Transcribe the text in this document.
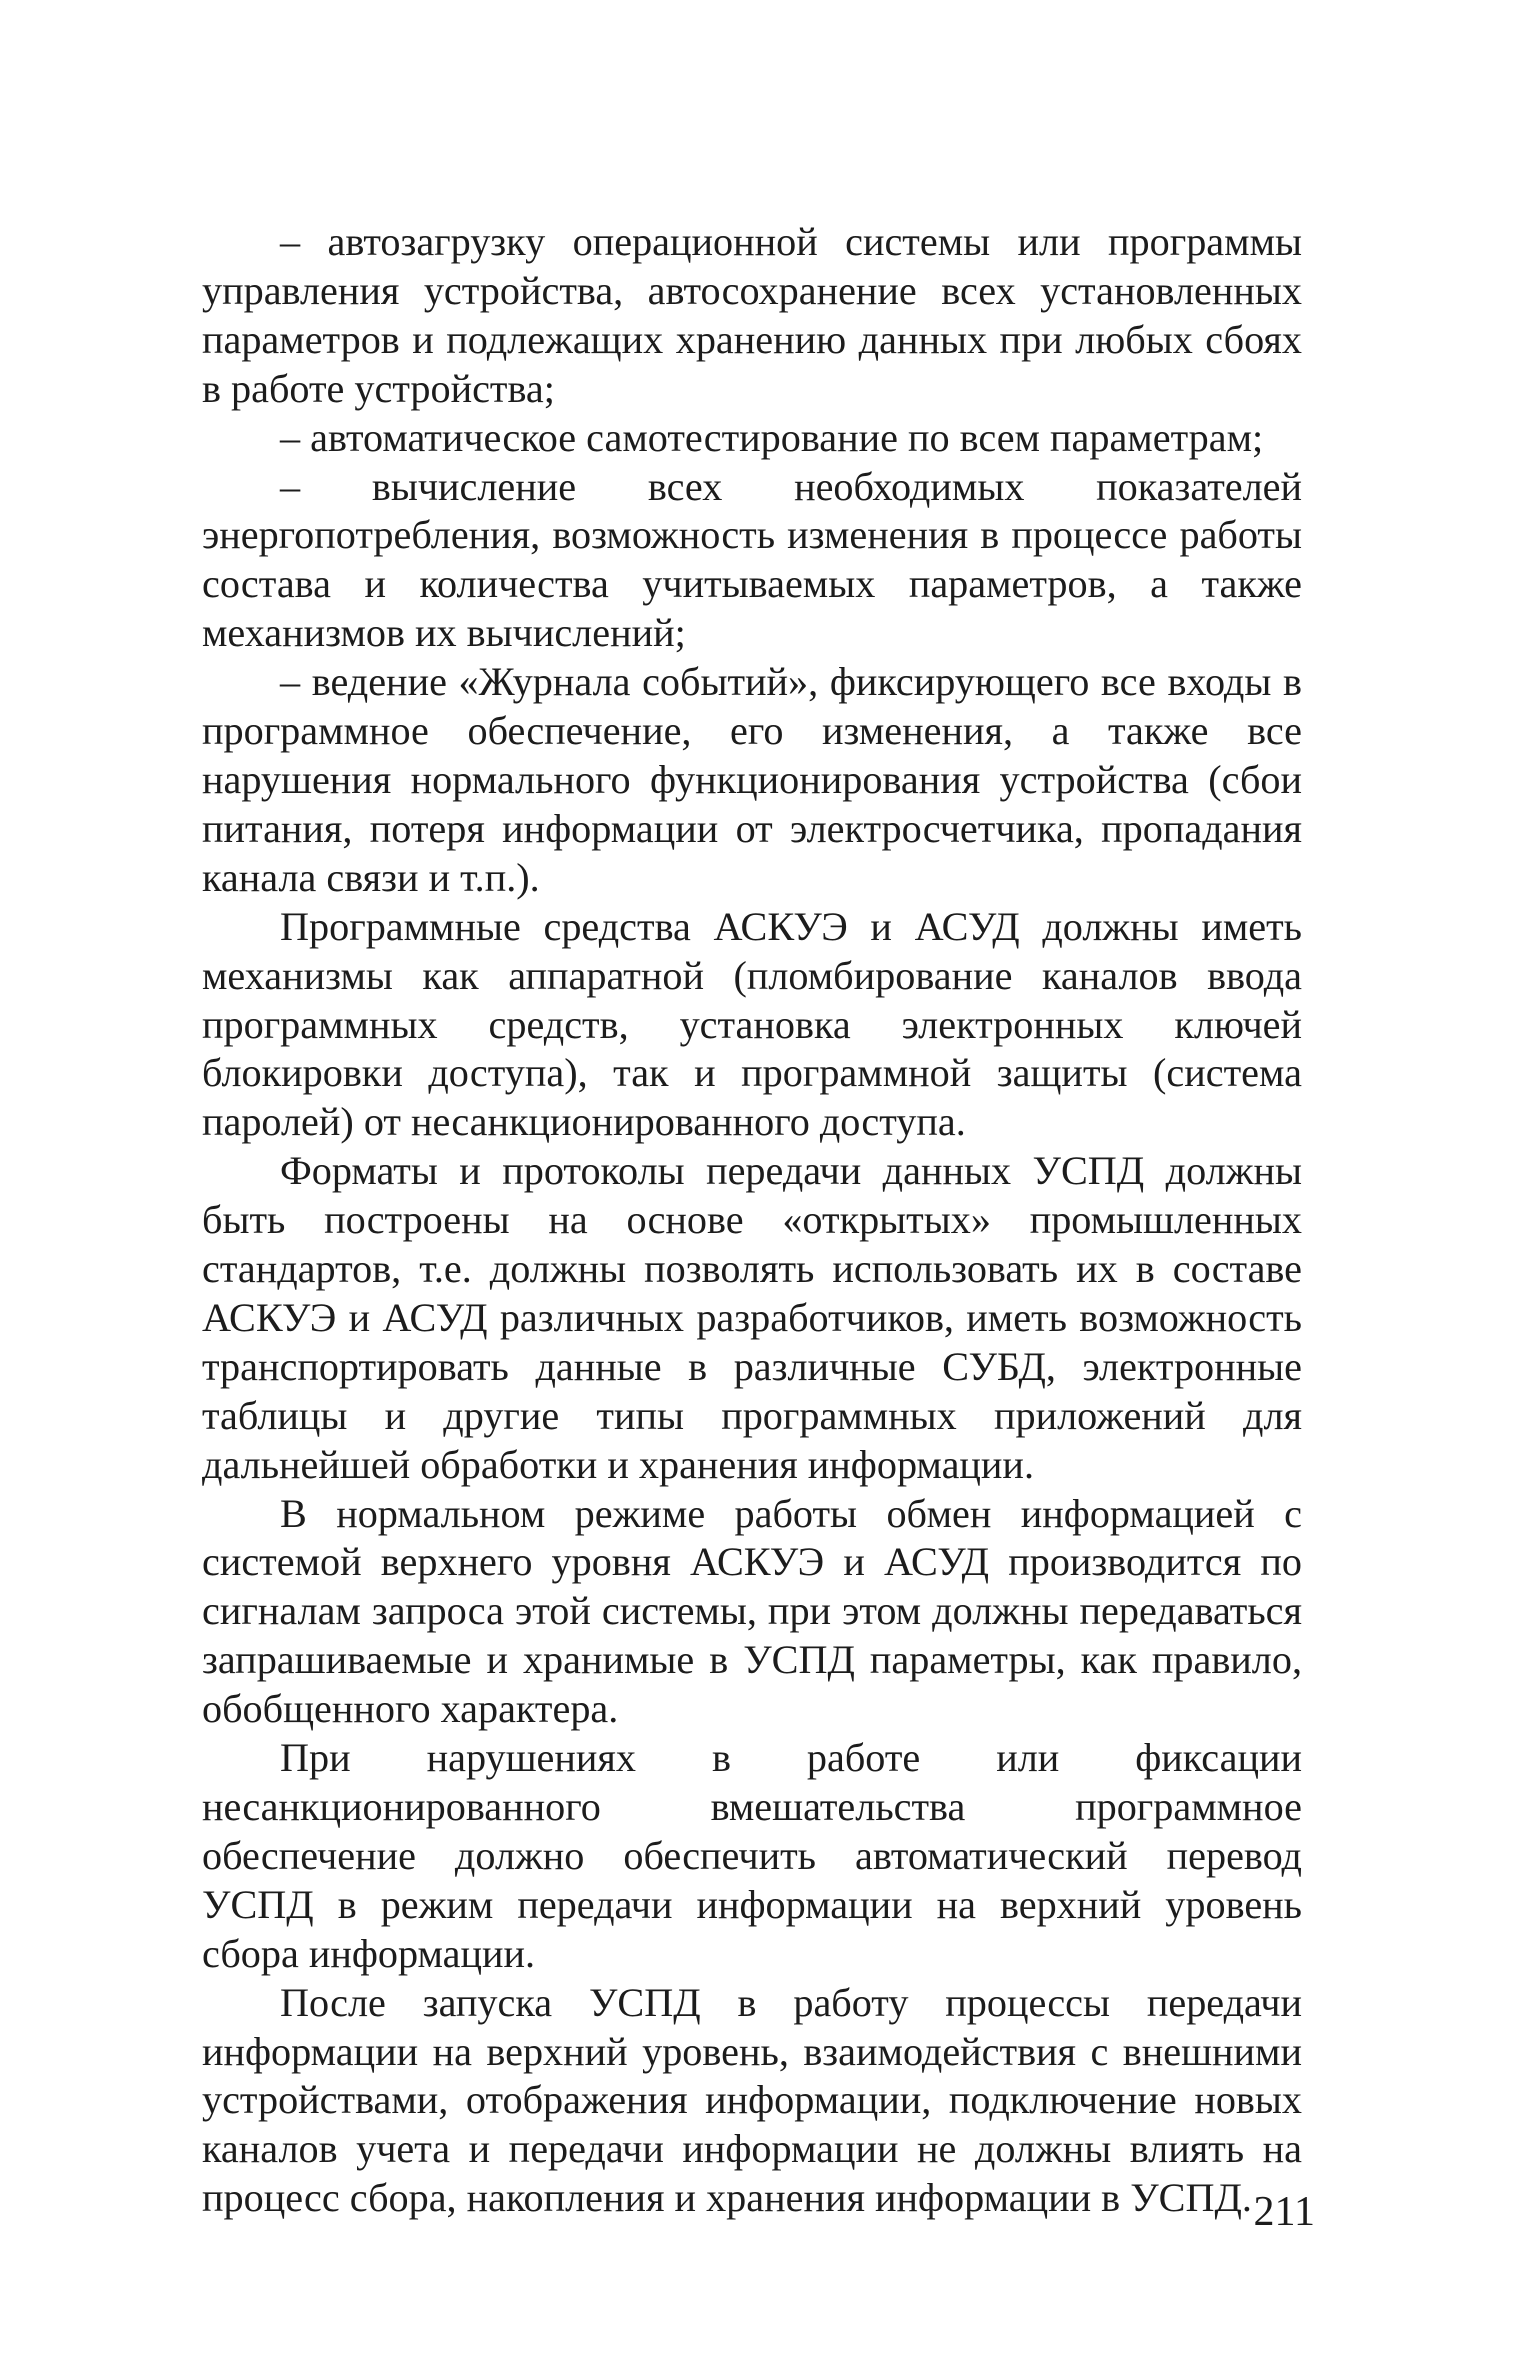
– автозагрузку операционной системы или программы управления устройства, автосохранение всех установленных параметров и подлежащих хранению данных при любых сбоях в работе устройства;

– автоматическое самотестирование по всем параметрам;

– вычисление всех необходимых показателей энергопотребления, возможность изменения в процессе работы состава и количества учитываемых параметров, а также механизмов их вычислений;

– ведение «Журнала событий», фиксирующего все входы в программное обеспечение, его изменения, а также все нарушения нормального функционирования устройства (сбои питания, потеря информации от электросчетчика, пропадания канала связи и т.п.).

Программные средства АСКУЭ и АСУД должны иметь механизмы как аппаратной (пломбирование каналов ввода программных средств, установка электронных ключей блокировки доступа), так и программной защиты (система паролей) от несанкционированного доступа.

Форматы и протоколы передачи данных УСПД должны быть построены на основе «открытых» промышленных стандартов, т.е. должны позволять использовать их в составе АСКУЭ и АСУД различных разработчиков, иметь возможность транспортировать данные в различные СУБД, электронные таблицы и другие типы программных приложений для дальнейшей обработки и хранения информации.

В нормальном режиме работы обмен информацией с системой верхнего уровня АСКУЭ и АСУД производится по сигналам запроса этой системы, при этом должны передаваться запрашиваемые и хранимые в УСПД параметры, как правило, обобщенного характера.

При нарушениях в работе или фиксации несанкционированного вмешательства программное обеспечение должно обеспечить автоматический перевод УСПД в режим передачи информации на верхний уровень сбора информации.

После запуска УСПД в работу процессы передачи информации на верхний уровень, взаимодействия с внешними устройствами, отображения информации, подключение новых каналов учета и передачи информации не должны влиять на процесс сбора, накопления и хранения информации в УСПД. 211
